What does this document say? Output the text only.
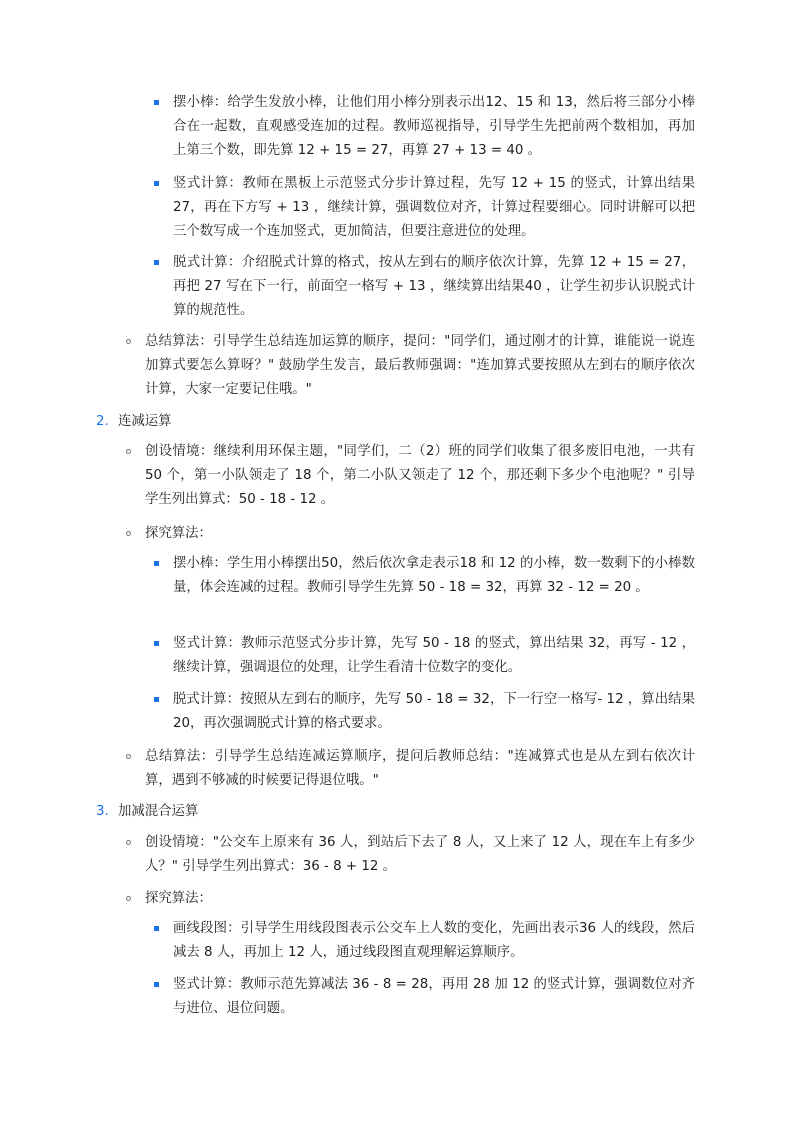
摆小棒：给学生发放小棒，让他们用小棒分别表示出12、15 和 13，然后将三部分小棒合在一起数，直观感受连加的过程。教师巡视指导，引导学生先把前两个数相加，再加上第三个数，即先算 12 + 15 = 27，再算 27 + 13 = 40 。

竖式计算：教师在黑板上示范竖式分步计算过程，先写 12 + 15 的竖式，计算出结果 27，再在下方写 + 13 ，继续计算，强调数位对齐，计算过程要细心。同时讲解可以把三个数写成一个连加竖式，更加简洁，但要注意进位的处理。

脱式计算：介绍脱式计算的格式，按从左到右的顺序依次计算，先算 12 + 15 = 27，再把 27 写在下一行，前面空一格写 + 13 ，继续算出结果40 ，让学生初步认识脱式计算的规范性。

总结算法：引导学生总结连加运算的顺序，提问："同学们，通过刚才的计算，谁能说一说连加算式要怎么算呀？" 鼓励学生发言，最后教师强调："连加算式要按照从左到右的顺序依次计算，大家一定要记住哦。"

2. 连减运算

创设情境：继续利用环保主题，"同学们，二（2）班的同学们收集了很多废旧电池，一共有 50 个，第一小队领走了 18 个，第二小队又领走了 12 个，那还剩下多少个电池呢？" 引导学生列出算式：50 - 18 - 12 。

探究算法：

摆小棒：学生用小棒摆出50，然后依次拿走表示18 和 12 的小棒，数一数剩下的小棒数量，体会连减的过程。教师引导学生先算 50 - 18 = 32，再算 32 - 12 = 20 。

竖式计算：教师示范竖式分步计算，先写 50 - 18 的竖式，算出结果 32，再写 - 12 ，继续计算，强调退位的处理，让学生看清十位数字的变化。

脱式计算：按照从左到右的顺序，先写 50 - 18 = 32，下一行空一格写- 12 ，算出结果 20，再次强调脱式计算的格式要求。

总结算法：引导学生总结连减运算顺序，提问后教师总结："连减算式也是从左到右依次计算，遇到不够减的时候要记得退位哦。"

3. 加减混合运算

创设情境："公交车上原来有 36 人，到站后下去了 8 人，又上来了 12 人，现在车上有多少人？" 引导学生列出算式：36 - 8 + 12 。

探究算法：

画线段图：引导学生用线段图表示公交车上人数的变化，先画出表示36 人的线段，然后减去 8 人，再加上 12 人，通过线段图直观理解运算顺序。

竖式计算：教师示范先算减法 36 - 8 = 28，再用 28 加 12 的竖式计算，强调数位对齐与进位、退位问题。
